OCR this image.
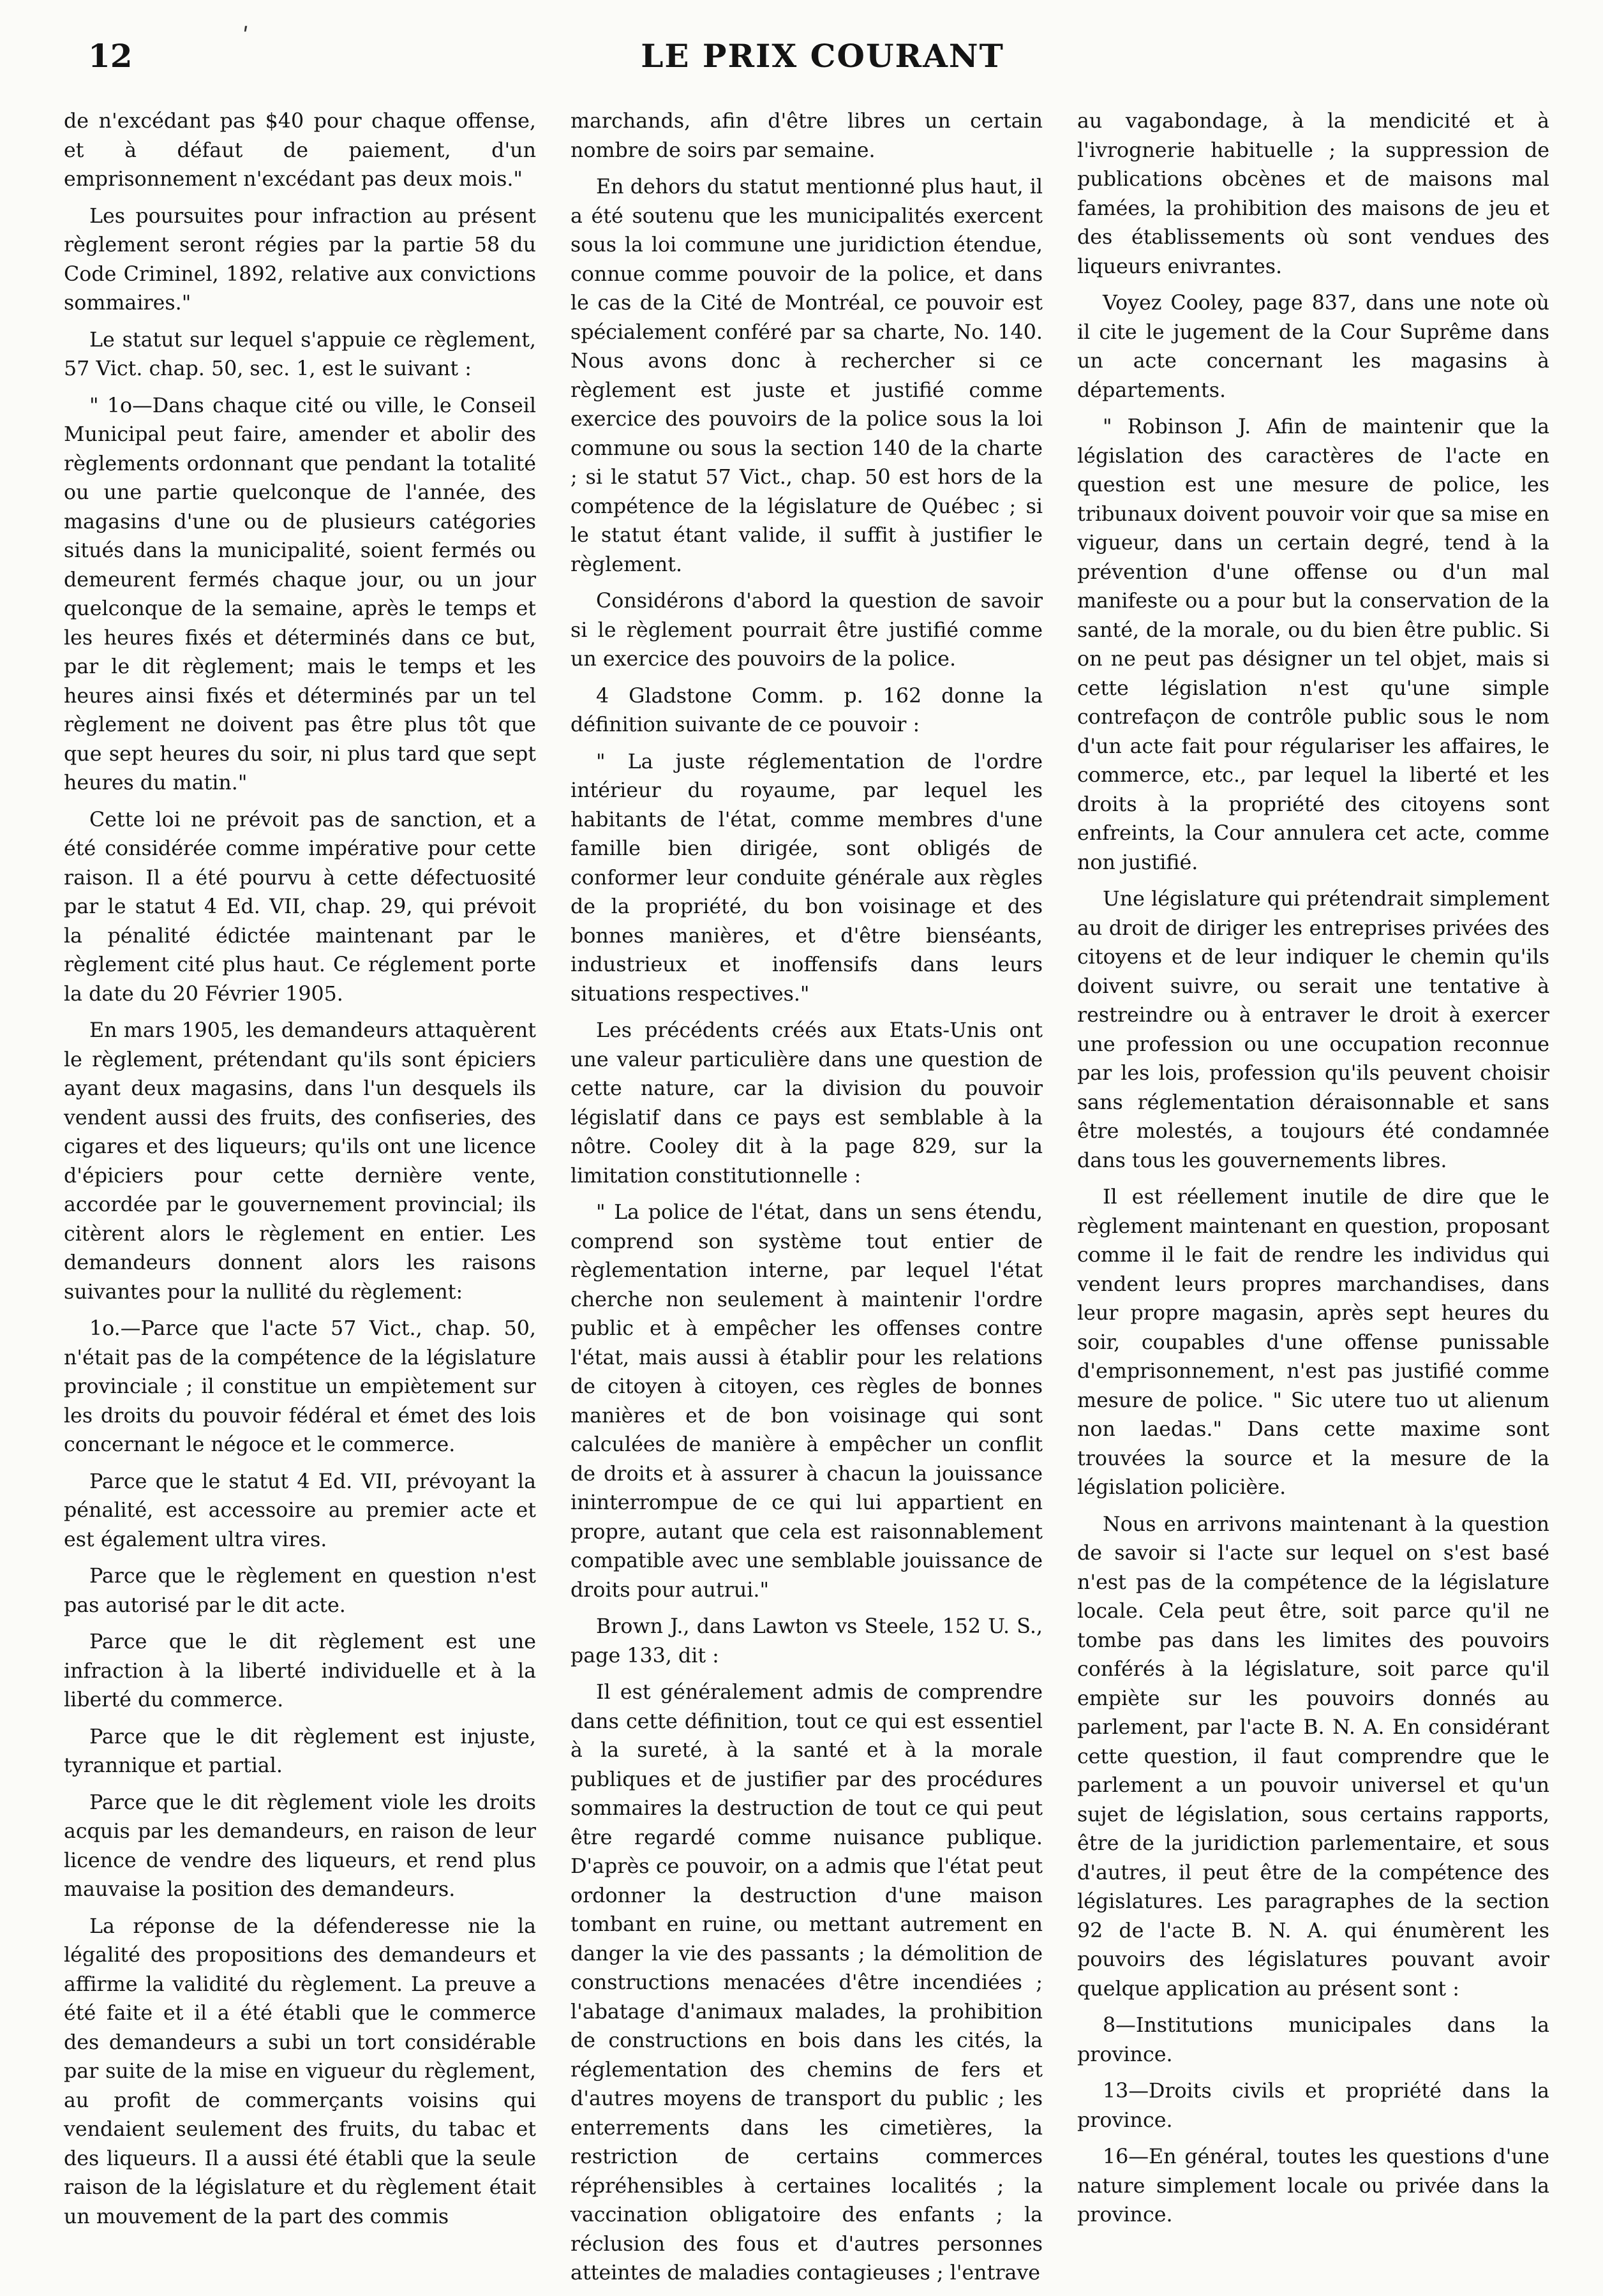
12	LE PRIX COURANT
ʹ

de n'excédant pas $40 pour chaque offense, et à défaut de paiement, d'un emprisonnement n'excédant pas deux mois."

Les poursuites pour infraction au présent règlement seront régies par la partie 58 du Code Criminel, 1892, relative aux convictions sommaires."

Le statut sur lequel s'appuie ce règlement, 57 Vict. chap. 50, sec. 1, est le suivant :

" 1o—Dans chaque cité ou ville, le Conseil Municipal peut faire, amender et abolir des règlements ordonnant que pendant la totalité ou une partie quelconque de l'année, des magasins d'une ou de plusieurs catégories situés dans la municipalité, soient fermés ou demeurent fermés chaque jour, ou un jour quelconque de la semaine, après le temps et les heures fixés et déterminés dans ce but, par le dit règlement; mais le temps et les heures ainsi fixés et déterminés par un tel règlement ne doivent pas être plus tôt que que sept heures du soir, ni plus tard que sept heures du matin."

Cette loi ne prévoit pas de sanction, et a été considérée comme impérative pour cette raison. Il a été pourvu à cette défectuosité par le statut 4 Ed. VII, chap. 29, qui prévoit la pénalité édictée maintenant par le règlement cité plus haut. Ce réglement porte la date du 20 Février 1905.

En mars 1905, les demandeurs attaquèrent le règlement, prétendant qu'ils sont épiciers ayant deux magasins, dans l'un desquels ils vendent aussi des fruits, des confiseries, des cigares et des liqueurs; qu'ils ont une licence d'épiciers pour cette dernière vente, accordée par le gouvernement provincial; ils citèrent alors le règlement en entier. Les demandeurs donnent alors les raisons suivantes pour la nullité du règlement:

1o.—Parce que l'acte 57 Vict., chap. 50, n'était pas de la compétence de la législature provinciale ; il constitue un empiètement sur les droits du pouvoir fédéral et émet des lois concernant le négoce et le commerce.

Parce que le statut 4 Ed. VII, prévoyant la pénalité, est accessoire au premier acte et est également ultra vires.

Parce que le règlement en question n'est pas autorisé par le dit acte.

Parce que le dit règlement est une infraction à la liberté individuelle et à la liberté du commerce.

Parce que le dit règlement est injuste, tyrannique et partial.

Parce que le dit règlement viole les droits acquis par les demandeurs, en raison de leur licence de vendre des liqueurs, et rend plus mauvaise la position des demandeurs.

La réponse de la défenderesse nie la légalité des propositions des demandeurs et affirme la validité du règlement. La preuve a été faite et il a été établi que le commerce des demandeurs a subi un tort considérable par suite de la mise en vigueur du règlement, au profit de commerçants voisins qui vendaient seulement des fruits, du tabac et des liqueurs. Il a aussi été établi que la seule raison de la législature et du règlement était un mouvement de la part des commis

marchands, afin d'être libres un certain nombre de soirs par semaine.

En dehors du statut mentionné plus haut, il a été soutenu que les municipalités exercent sous la loi commune une juridiction étendue, connue comme pouvoir de la police, et dans le cas de la Cité de Montréal, ce pouvoir est spécialement conféré par sa charte, No. 140. Nous avons donc à rechercher si ce règlement est juste et justifié comme exercice des pouvoirs de la police sous la loi commune ou sous la section 140 de la charte ; si le statut 57 Vict., chap. 50 est hors de la compétence de la législature de Québec ; si le statut étant valide, il suffit à justifier le règlement.

Considérons d'abord la question de savoir si le règlement pourrait être justifié comme un exercice des pouvoirs de la police.

4 Gladstone Comm. p. 162 donne la définition suivante de ce pouvoir :

" La juste réglementation de l'ordre intérieur du royaume, par lequel les habitants de l'état, comme membres d'une famille bien dirigée, sont obligés de conformer leur conduite générale aux règles de la propriété, du bon voisinage et des bonnes manières, et d'être bienséants, industrieux et inoffensifs dans leurs situations respectives."

Les précédents créés aux Etats-Unis ont une valeur particulière dans une question de cette nature, car la division du pouvoir législatif dans ce pays est semblable à la nôtre. Cooley dit à la page 829, sur la limitation constitutionnelle :

" La police de l'état, dans un sens étendu, comprend son système tout entier de règlementation interne, par lequel l'état cherche non seulement à maintenir l'ordre public et à empêcher les offenses contre l'état, mais aussi à établir pour les relations de citoyen à citoyen, ces règles de bonnes manières et de bon voisinage qui sont calculées de manière à empêcher un conflit de droits et à assurer à chacun la jouissance ininterrompue de ce qui lui appartient en propre, autant que cela est raisonnablement compatible avec une semblable jouissance de droits pour autrui."

Brown J., dans Lawton vs Steele, 152 U. S., page 133, dit :

Il est généralement admis de comprendre dans cette définition, tout ce qui est essentiel à la sureté, à la santé et à la morale publiques et de justifier par des procédures sommaires la destruction de tout ce qui peut être regardé comme nuisance publique. D'après ce pouvoir, on a admis que l'état peut ordonner la destruction d'une maison tombant en ruine, ou mettant autrement en danger la vie des passants ; la démolition de constructions menacées d'être incendiées ; l'abatage d'animaux malades, la prohibition de constructions en bois dans les cités, la réglementation des chemins de fers et d'autres moyens de transport du public ; les enterrements dans les cimetières, la restriction de certains commerces répréhensibles à certaines localités ; la vaccination obligatoire des enfants ; la réclusion des fous et d'autres personnes atteintes de maladies contagieuses ; l'entrave

au vagabondage, à la mendicité et à l'ivrognerie habituelle ; la suppression de publications obcènes et de maisons mal famées, la prohibition des maisons de jeu et des établissements où sont vendues des liqueurs enivrantes.

Voyez Cooley, page 837, dans une note où il cite le jugement de la Cour Suprême dans un acte concernant les magasins à départements.

" Robinson J. Afin de maintenir que la législation des caractères de l'acte en question est une mesure de police, les tribunaux doivent pouvoir voir que sa mise en vigueur, dans un certain degré, tend à la prévention d'une offense ou d'un mal manifeste ou a pour but la conservation de la santé, de la morale, ou du bien être public. Si on ne peut pas désigner un tel objet, mais si cette législation n'est qu'une simple contrefaçon de contrôle public sous le nom d'un acte fait pour régulariser les affaires, le commerce, etc., par lequel la liberté et les droits à la propriété des citoyens sont enfreints, la Cour annulera cet acte, comme non justifié.

Une législature qui prétendrait simplement au droit de diriger les entreprises privées des citoyens et de leur indiquer le chemin qu'ils doivent suivre, ou serait une tentative à restreindre ou à entraver le droit à exercer une profession ou une occupation reconnue par les lois, profession qu'ils peuvent choisir sans réglementation déraisonnable et sans être molestés, a toujours été condamnée dans tous les gouvernements libres.

Il est réellement inutile de dire que le règlement maintenant en question, proposant comme il le fait de rendre les individus qui vendent leurs propres marchandises, dans leur propre magasin, après sept heures du soir, coupables d'une offense punissable d'emprisonnement, n'est pas justifié comme mesure de police. " Sic utere tuo ut alienum non laedas." Dans cette maxime sont trouvées la source et la mesure de la législation policière.

Nous en arrivons maintenant à la question de savoir si l'acte sur lequel on s'est basé n'est pas de la compétence de la législature locale. Cela peut être, soit parce qu'il ne tombe pas dans les limites des pouvoirs conférés à la législature, soit parce qu'il empiète sur les pouvoirs donnés au parlement, par l'acte B. N. A. En considérant cette question, il faut comprendre que le parlement a un pouvoir universel et qu'un sujet de législation, sous certains rapports, être de la juridiction parlementaire, et sous d'autres, il peut être de la compétence des législatures. Les paragraphes de la section 92 de l'acte B. N. A. qui énumèrent les pouvoirs des législatures pouvant avoir quelque application au présent sont :

8—Institutions municipales dans la province.

13—Droits civils et propriété dans la province.

16—En général, toutes les questions d'une nature simplement locale ou privée dans la province.
